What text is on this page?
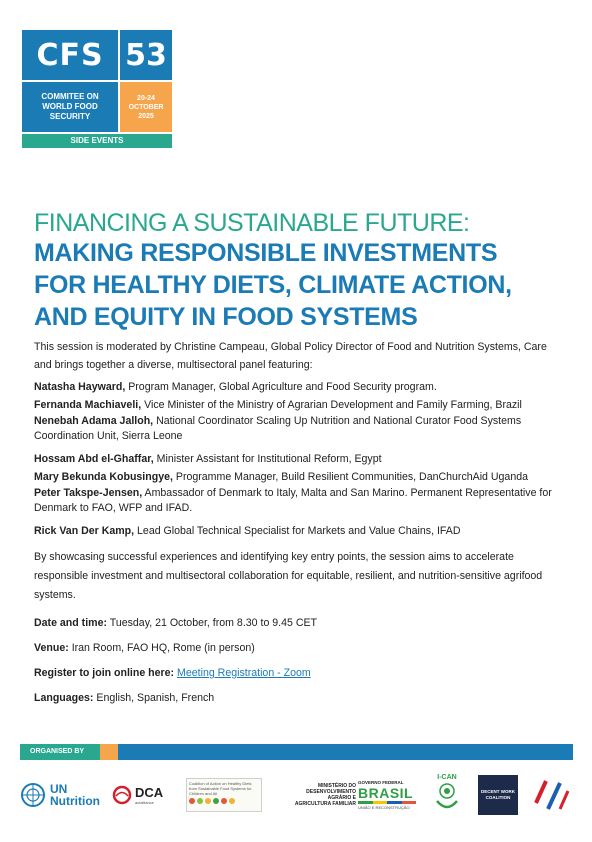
CFS 53
COMMITEE ON
WORLD FOOD
SECURITY
20-24
OCTOBER
2025
SIDE EVENTS
FINANCING A SUSTAINABLE FUTURE:
MAKING RESPONSIBLE INVESTMENTS
FOR HEALTHY DIETS, CLIMATE ACTION,
AND EQUITY IN FOOD SYSTEMS

This session is moderated by Christine Campeau, Global Policy Director of Food and Nutrition Systems, Care and brings together a diverse, multisectoral panel featuring:

Natasha Hayward, Program Manager, Global Agriculture and Food Security program.

Fernanda Machiaveli, Vice Minister of the Ministry of Agrarian Development and Family Farming, Brazil

Nenebah Adama Jalloh, National Coordinator Scaling Up Nutrition and National Curator Food Systems Coordination Unit, Sierra Leone

Hossam Abd el-Ghaffar, Minister Assistant for Institutional Reform, Egypt

Mary Bekunda Kobusingye, Programme Manager, Build Resilient Communities, DanChurchAid Uganda

Peter Takspe-Jensen, Ambassador of Denmark to Italy, Malta and San Marino. Permanent Representative for Denmark to FAO, WFP and IFAD.

Rick Van Der Kamp, Lead Global Technical Specialist for Markets and Value Chains, IFAD

By showcasing successful experiences and identifying key entry points, the session aims to accelerate responsible investment and multisectoral collaboration for equitable, resilient, and nutrition-sensitive agrifood systems.

Date and time: Tuesday, 21 October, from 8.30 to 9.45 CET

Venue: Iran Room, FAO HQ, Rome (in person)

Register to join online here: Meeting Registration - Zoom

Languages: English, Spanish, French

ORGANISED BY
UN
Nutrition
DCA
actalliance
Coalition of Action on Healthy Diets from Sustainable Food Systems for Children and All
MINISTÉRIO DO
DESENVOLVIMENTO
AGRÁRIO E
AGRICULTURA FAMILIAR
GOVERNO FEDERAL
BRASIL
UNIÃO E RECONSTRUÇÃO
I-CAN
DECENT WORK COALITION
